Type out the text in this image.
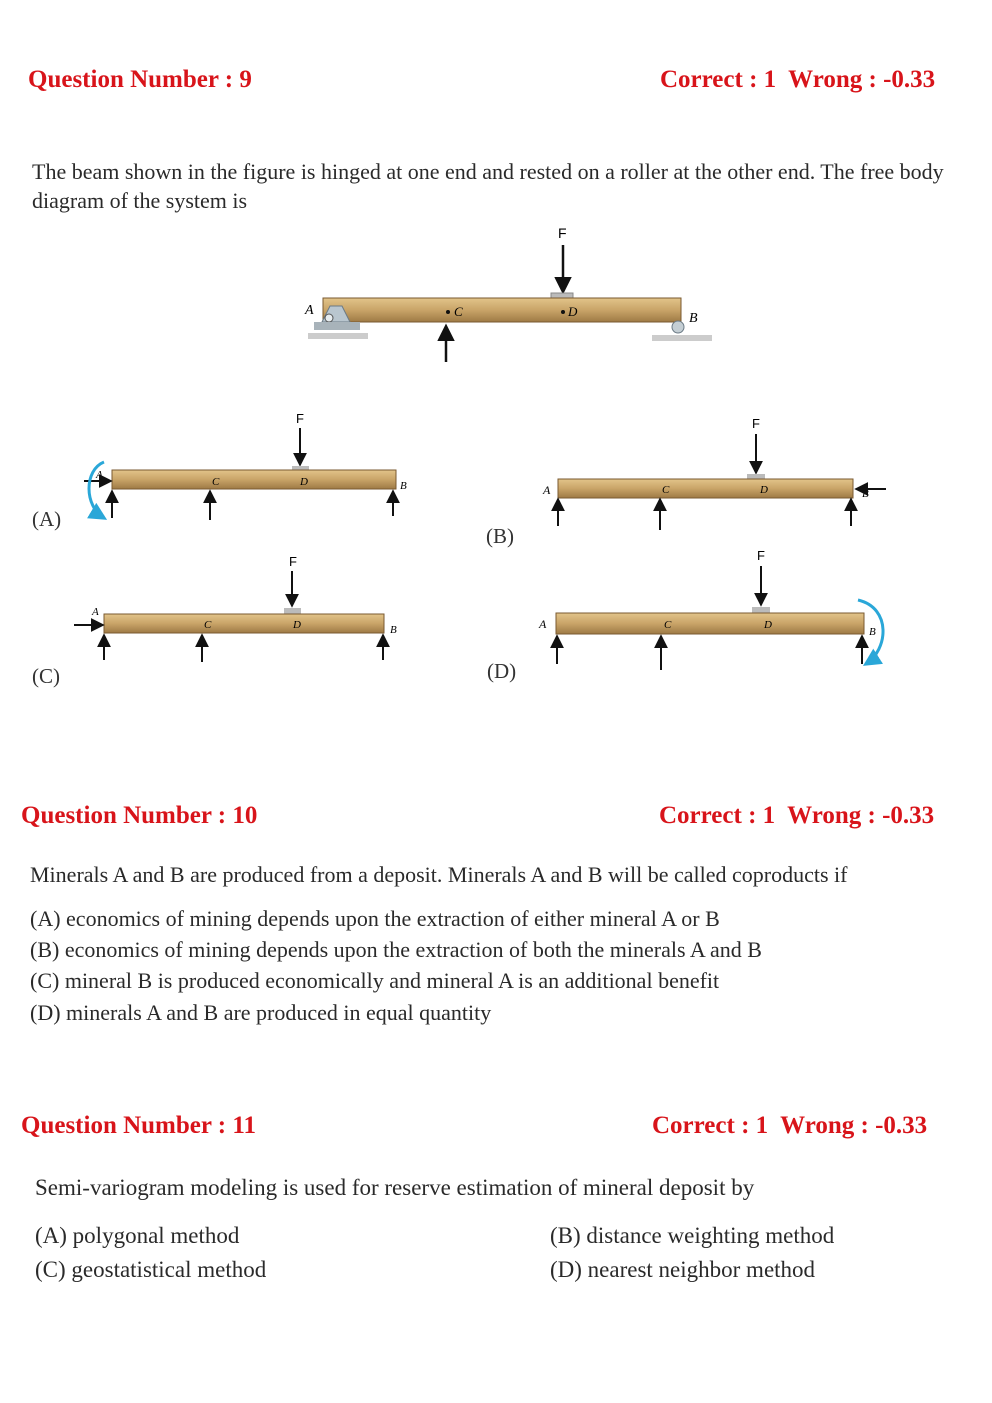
Question Number : 9	Correct : 1  Wrong : -0.33
The beam shown in the figure is hinged at one end and rested on a roller at the other end. The free body diagram of the system is
F
A
B
C	D
F
A
B
C	D
F
A	B
C	D
F
A
B
C	D
F
A
B
C	D
(A)
(B)
(C)	(D)
Question Number : 10	Correct : 1  Wrong : -0.33
Minerals A and B are produced from a deposit. Minerals A and B will be called coproducts if
(A) economics of mining depends upon the extraction of either mineral A or B
(B) economics of mining depends upon the extraction of both the minerals A and B
(C) mineral B is produced economically and mineral A is an additional benefit
(D) minerals A and B are produced in equal quantity
Question Number : 11	Correct : 1  Wrong : -0.33
Semi-variogram modeling is used for reserve estimation of mineral deposit by
(A) polygonal method	(B) distance weighting method
(C) geostatistical method	(D) nearest neighbor method
